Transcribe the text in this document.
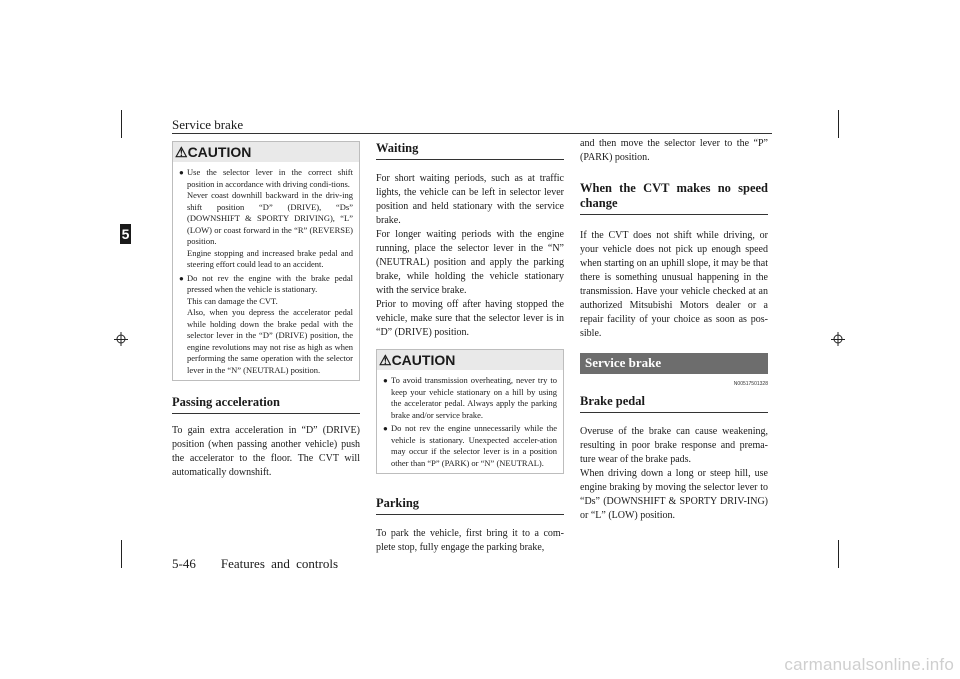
Service brake
5
⚠CAUTION
● Use the selector lever in the correct shift position in accordance with driving condi-tions.
Never coast downhill backward in the driv-ing shift position “D” (DRIVE), “Ds” (DOWNSHIFT & SPORTY DRIVING), “L” (LOW) or coast forward in the “R” (REVERSE) position.
Engine stopping and increased brake pedal and steering effort could lead to an accident.
● Do not rev the engine with the brake pedal pressed when the vehicle is stationary.
This can damage the CVT.
Also, when you depress the accelerator pedal while holding down the brake pedal with the selector lever in the “D” (DRIVE) position, the engine revolutions may not rise as high as when performing the same operation with the selector lever in the “N” (NEUTRAL) position.
Passing acceleration

To gain extra acceleration in “D” (DRIVE) position (when passing another vehicle) push the accelerator to the floor. The CVT will automatically downshift.

Waiting

For short waiting periods, such as at traffic lights, the vehicle can be left in selector lever position and held stationary with the service brake.

For longer waiting periods with the engine running, place the selector lever in the “N” (NEUTRAL) position and apply the parking brake, while holding the vehicle stationary with the service brake.

Prior to moving off after having stopped the vehicle, make sure that the selector lever is in “D” (DRIVE) position.

⚠CAUTION
● To avoid transmission overheating, never try to keep your vehicle stationary on a hill by using the accelerator pedal. Always apply the parking brake and/or service brake.
● Do not rev the engine unnecessarily while the vehicle is stationary. Unexpected acceler-ation may occur if the selector lever is in a position other than “P” (PARK) or “N” (NEUTRAL).
Parking

To park the vehicle, first bring it to a com-plete stop, fully engage the parking brake,

and then move the selector lever to the “P” (PARK) position.

When the CVT makes no speed change

If the CVT does not shift while driving, or your vehicle does not pick up enough speed when starting on an uphill slope, it may be that there is something unusual happening in the transmission. Have your vehicle checked at an authorized Mitsubishi Motors dealer or a repair facility of your choice as soon as pos-sible.

Service brake
N00517501328
Brake pedal

Overuse of the brake can cause weakening, resulting in poor brake response and prema-ture wear of the brake pads.

When driving down a long or steep hill, use engine braking by moving the selector lever to “Ds” (DOWNSHIFT & SPORTY DRIV-ING) or “L” (LOW) position.

5-46 Features and controls
carmanualsonline.info
